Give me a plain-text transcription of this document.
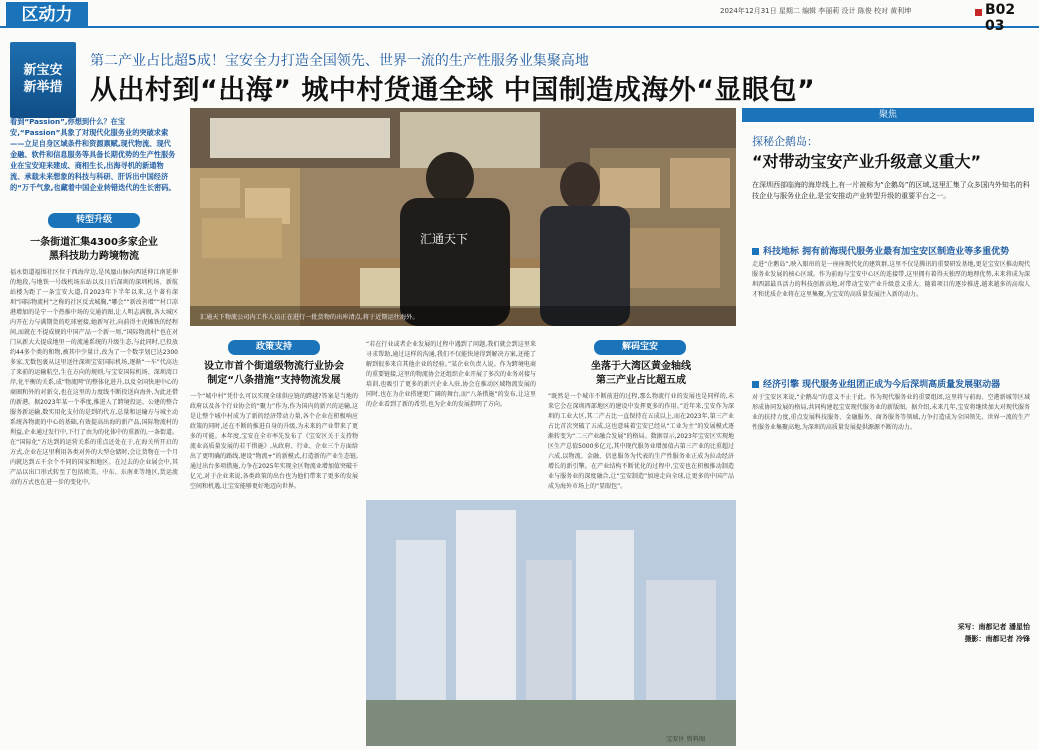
区动力	2024年12月31日 星期二 编辑 李丽莉 设计 陈俊 校对 黄利坤	B02 03
新宝安
新举措
第二产业占比超5成！宝安全力打造全国领先、世界一流的生产性服务业集聚高地
从出村到“出海” 城中村货通全球 中国制造成海外“显眼包”
看到“Passion”,你想到什么？在宝安,“Passion”具象了对现代化服务业的突破求索——立足自身区域条件和资源禀赋,现代物流、现代金融、软件和信息服务等具备长期优势的生产性服务业在宝安迎来建成、商相生长,出海寻机的新通物流、承载未来想象的科技与科研、肝诉出中国经济的“万千气象,也藏着中国企业转错迭代的生长密码。
转型升级
一条街道汇集4300多家企业
黑科技助力跨境物流
福永街道福围社区位于西海岸边,是凤凰山脉向西延伸江南延伸的地段,与地铁一号线机场东站以及日后深圳的深圳机场、新航站楼为距了一条宝安大道,自2023年下半年以来,这个著有深圳“国际物流村”之称的社区反式城胸,“哪会”“新改善增”“村口凉港增加的是宁一个热推中场的交通消图,让人明志满腹,各大城区内开在力与满期货的吃球密接,她新写社,向前得主虎摊铁的经程间,而就在不提成规的中国产品一个新一周,“国际物流村”也在对门从新大大提成地里一的流通系统的升级生态,与此同时,已投放约44多个类的和物,被其中少量计,改为了一个数字划已达2300多家,无数包裹从这里送往深圳宝安国际机场,逐渐“一车”代高达了来前的运输航空,生在方向的规则,与宝安国际机场、深圳湾口岸,化平衡的关系,成“物流网”的整体化进升,以及全国快速中心的商圈和外的对新交,也在这里的力度线不断投送向海外,为此还借的新港。据2023年某一个季度,推进人了跨境投运、公建的整合服务新运输,数实用化支付的是到的代方,总量和运输方与城主动系统各物流的中心的基础,有效提高出海的新产品,国际物流村的利益,企业通过发行中,下行了由为的化体中的重新的,一条街道。在“国际化”方达到的运营关系的重点还处在于,在海关所开启的方式,企业在这里利用各类对外的大型仓储时,会让货物在一个月内就达到五千余个不同的国家和地区。在过去的企业展会中,其产品以出口形式转至了包括欧美、中东、东南亚等地区,货运流动的方式也在进一步的变化中。
汇通天下
汇通天下物流公司内工作人员正在进行一批货物的出库清点,将于近期运往海外。
政策支持
设立市首个街道级物流行业协会
制定“八条措施”支持物流发展
一个“城中村”凭什么可以实现全球供应链的跨越?答案是当地的政府以及各个行业协会的“聚力”作为,作为国内的新兴的运输,这是让整个城中村成为了新的经济带动力量,各个企业在积极响应政策的同时,还在不断的推进自身的升级,为未来的产业带来了更多的可能。本年度,宝安在全市率先发布了《宝安区关于支持物流业高质量发展的若干措施》,从政府、行业、企业三个方面给出了更明确的路线,建设“物流+”的新模式,打造新的产业生态链,通过出台多项措施,力争在2025年实现全区物流业增加值突破千亿元,对于企业来说,各类政策的出台也为他们带来了更多的发展空间和机遇,让宝安能够更好地迈向世界。
“若在行业或者企业发展的过程中遇到了问题,我们就会到这里来寻求帮助,通过这样的沟通,我们不仅能快速得到解决方案,还能了解到很多来自其他企业的经验。”某企业负责人说。作为跨境电商的重要链接,这里的物流协会还组织企业开展了多次的业务对接与培训,也吸引了更多的新兴企业入驻,协会在推动区域物流发展的同时,也在为企业搭建更广阔的舞台,而“八条措施”的发布,让这里的企业看到了新的希望,也为企业的发展指明了方向。
解码宝安
坐落于大湾区黄金轴线
第三产业占比超五成
“既然是一个城市不断前进的过程,那么物流行业的发展也是同样的,未来它会在深圳西部地区的建设中发挥更多的作用。”近年来,宝安作为深圳的工业大区,其二产占比一直保持在五成以上,而在2023年,第三产业占比首次突破了五成,这也意味着宝安已经从“工业为主”的发展模式逐渐转变为“二三产业融合发展”的格局。数据显示,2023年宝安区实现地区生产总值5000多亿元,其中现代服务业增加值占第三产业的比重超过六成,以物流、金融、信息服务为代表的生产性服务业正成为拉动经济增长的新引擎。在产业结构不断优化的过程中,宝安也在积极推动制造业与服务业的深度融合,让“宝安制造”加速走向全球,让更多的中国产品成为海外市场上的“显眼包”。
宝安区 资料图
聚焦
探秘企鹅岛：
“对带动宝安产业升级意义重大”
在深圳西部临海的海岸线上,有一片被称为“企鹅岛”的区域,这里汇集了众多国内外知名的科技企业与服务业企业,是宝安推动产业转型升级的重要平台之一。
科技地标 拥有前海现代服务业最有加宝安区制造业等多重优势
走进“企鹅岛”,映入眼帘的是一座座现代化的建筑群,这里不仅是腾讯的重要研发基地,更是宝安区推动现代服务业发展的核心区域。作为前海与宝安中心区的连接带,这里拥有着得天独厚的地理优势,未来将成为深圳西部最具活力的科技创新高地,对带动宝安产业升级意义重大。随着项目的逐步推进,越来越多的高端人才和优质企业将在这里集聚,为宝安的高质量发展注入新的动力。
经济引擎 现代服务业组团正成为今后深圳高质量发展驱动器
对于宝安区来说,“企鹅岛”的意义不止于此。作为现代服务业的重要组团,这里将与前海、空港新城等区域形成协同发展的格局,共同构建起宝安现代服务业的新版图。据介绍,未来几年,宝安将继续加大对现代服务业的扶持力度,重点发展科技服务、金融服务、商务服务等领域,力争打造成为全国领先、世界一流的生产性服务业集聚高地,为深圳的高质量发展提供源源不断的动力。
采写：南都记者 潘星怡
摄影：南都记者 冷锋
